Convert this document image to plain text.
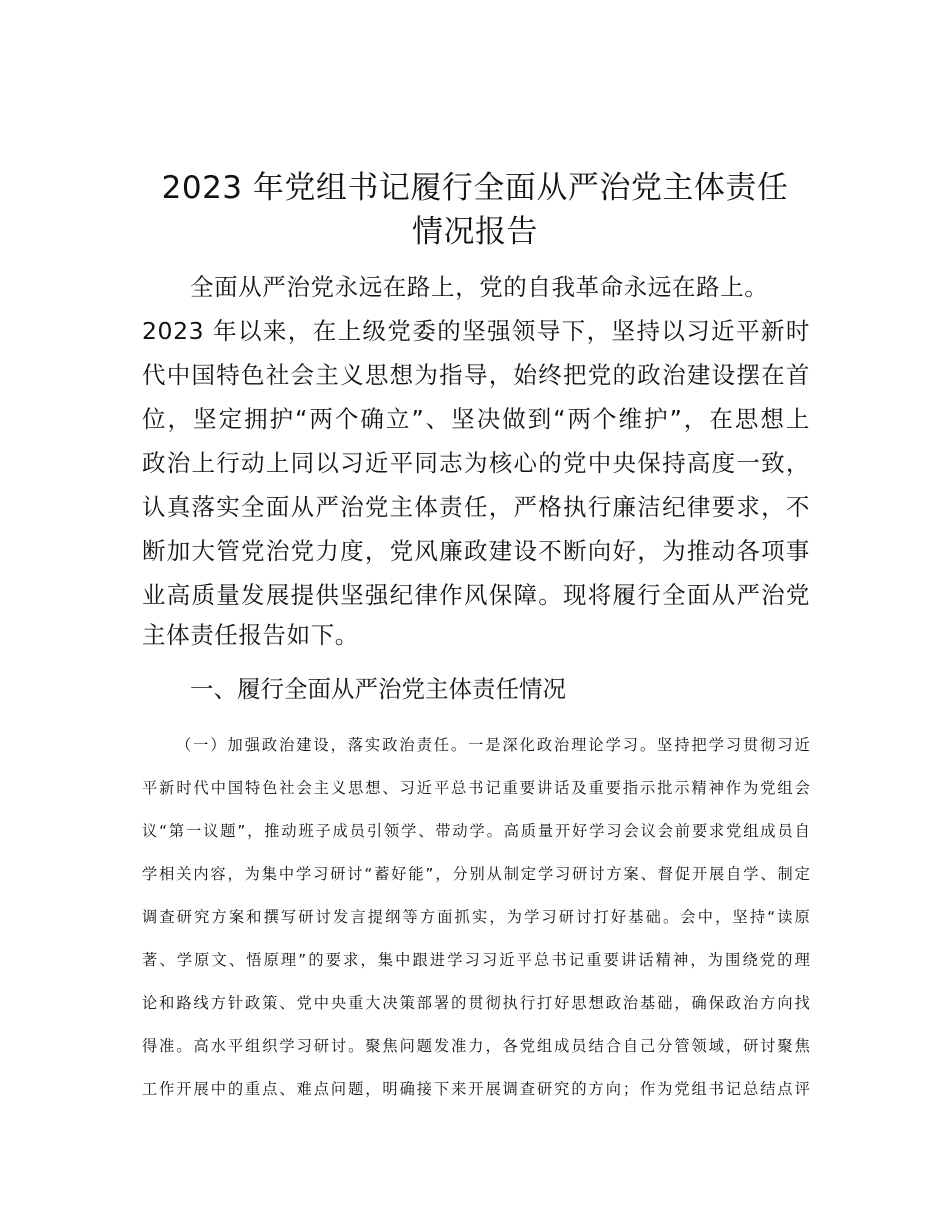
2023 年党组书记履行全面从严治党主体责任
情况报告

全面从严治党永远在路上，党的自我革命永远在路上。

2023 年以来，在上级党委的坚强领导下，坚持以习近平新时

代中国特色社会主义思想为指导，始终把党的政治建设摆在首

位，坚定拥护“两个确立”、坚决做到“两个维护”，在思想上

政治上行动上同以习近平同志为核心的党中央保持高度一致，

认真落实全面从严治党主体责任，严格执行廉洁纪律要求，不

断加大管党治党力度，党风廉政建设不断向好，为推动各项事

业高质量发展提供坚强纪律作风保障。现将履行全面从严治党

主体责任报告如下。

一、履行全面从严治党主体责任情况

（一）加强政治建设，落实政治责任。一是深化政治理论学习。坚持把学习贯彻习近

平新时代中国特色社会主义思想、习近平总书记重要讲话及重要指示批示精神作为党组会

议“第一议题”，推动班子成员引领学、带动学。高质量开好学习会议会前要求党组成员自

学相关内容，为集中学习研讨“蓄好能”，分别从制定学习研讨方案、督促开展自学、制定

调查研究方案和撰写研讨发言提纲等方面抓实，为学习研讨打好基础。会中，坚持“读原

著、学原文、悟原理”的要求，集中跟进学习习近平总书记重要讲话精神，为围绕党的理

论和路线方针政策、党中央重大决策部署的贯彻执行打好思想政治基础，确保政治方向找

得准。高水平组织学习研讨。聚焦问题发准力，各党组成员结合自己分管领域，研讨聚焦

工作开展中的重点、难点问题，明确接下来开展调查研究的方向；作为党组书记总结点评
